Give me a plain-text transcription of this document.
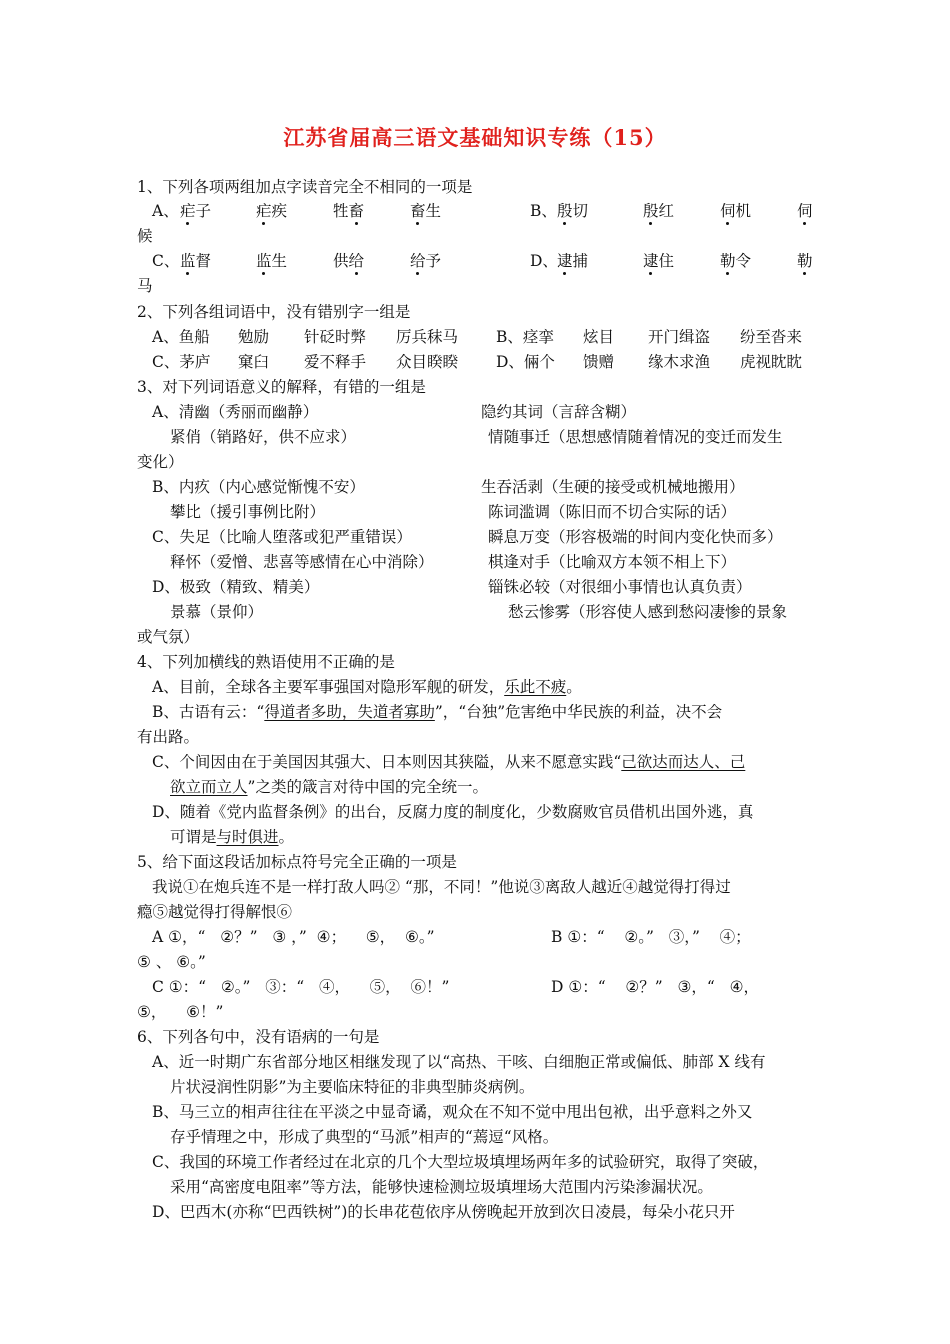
江苏省届高三语文基础知识专练（15）
1、下列各项两组加点字读音完全不相同的一项是
A、 疟子	疟疾	牲畜	畜生	B、 殷切	殷红	伺机	伺
候
C、 监督	监生	供给	给予	D、 逮捕	逮住	勒令	勒
马
2、下列各组词语中，没有错别字一组是
A、鱼船 勉励 针砭时弊 厉兵秣马 B、痉挛 炫目 开门缉盗 纷至沓来
C、茅庐 窠臼 爱不释手 众目睽睽 D、倆个 馈赠 缘木求渔 虎视眈眈
3、对下列词语意义的解释，有错的一组是
A、清幽（秀丽而幽静）	隐约其词（言辞含糊）
紧俏（销路好，供不应求）	情随事迁（思想感情随着情况的变迁而发生
变化）
B、内疚（内心感觉惭愧不安）	生吞活剥（生硬的接受或机械地搬用）
攀比（援引事例比附）	陈词滥调（陈旧而不切合实际的话）
C、失足（比喻人堕落或犯严重错误）	瞬息万变（形容极端的时间内变化快而多）
释怀（爱憎、悲喜等感情在心中消除）	棋逢对手（比喻双方本领不相上下）
D、极致（精致、精美）	锱铢必较（对很细小事情也认真负责）
景慕（景仰）	愁云惨雾（形容使人感到愁闷凄惨的景象
或气氛）
4、下列加横线的熟语使用不正确的是
A、目前，全球各主要军事强国对隐形军舰的研发，乐此不疲。
B、古语有云：“得道者多助，失道者寡助”，“台独”危害绝中华民族的利益，决不会
有出路。
C、个间因由在于美国因其强大、日本则因其狭隘，从来不愿意实践“己欲达而达人、己
欲立而立人”之类的箴言对待中国的完全统一。
D、随着《党内监督条例》的出台，反腐力度的制度化，少数腐败官员借机出国外逃，真
可谓是与时俱进。
5、给下面这段话加标点符号完全正确的一项是
我说①在炮兵连不是一样打敌人吗② “那，不同！”他说③离敌人越近④越觉得打得过
瘾⑤越觉得打得解恨⑥
A ①，“   ②？”   ③ ，”  ④；    ⑤，  ⑥。”	B ①：“    ②。”   ③，”    ④；
⑤ 、 ⑥。”
C ①：“   ②。”   ③：“   ④，    ⑤，  ⑥！”	D ①：“    ②？”   ③，“   ④，
⑤，    ⑥！”
6、下列各句中，没有语病的一句是
A、近一时期广东省部分地区相继发现了以“高热、干咳、白细胞正常或偏低、肺部 X 线有
片状浸润性阴影”为主要临床特征的非典型肺炎病例。
B、马三立的相声往往在平淡之中显奇谲，观众在不知不觉中甩出包袱，出乎意料之外又
存乎情理之中，形成了典型的“马派”相声的“蔫逗“风格。
C、我国的环境工作者经过在北京的几个大型垃圾填埋场两年多的试验研究，取得了突破，
采用“高密度电阻率”等方法，能够快速检测垃圾填埋场大范围内污染渗漏状况。
D、巴西木(亦称“巴西铁树”)的长串花苞依序从傍晚起开放到次日凌晨，每朵小花只开
